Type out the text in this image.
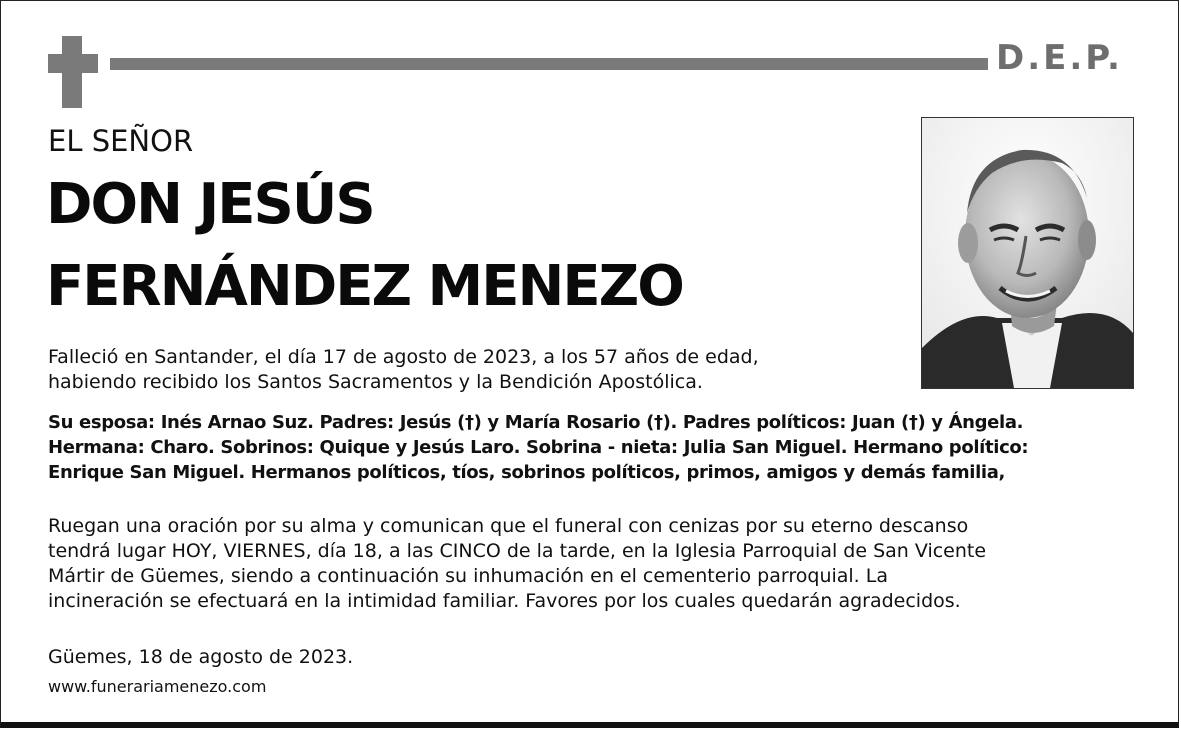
D.E.P.
EL SEÑOR
DON JESÚS
FERNÁNDEZ MENEZO
Falleció en Santander, el día 17 de agosto de 2023, a los 57 años de edad,
habiendo recibido los Santos Sacramentos y la Bendición Apostólica.
Su esposa: Inés Arnao Suz. Padres: Jesús (†) y María Rosario (†). Padres políticos: Juan (†) y Ángela.
Hermana: Charo. Sobrinos: Quique y Jesús Laro. Sobrina - nieta: Julia San Miguel. Hermano político:
Enrique San Miguel. Hermanos políticos, tíos, sobrinos políticos, primos, amigos y demás familia,
Ruegan una oración por su alma y comunican que el funeral con cenizas por su eterno descanso
tendrá lugar HOY, VIERNES, día 18, a las CINCO de la tarde, en la Iglesia Parroquial de San Vicente
Mártir de Güemes, siendo a continuación su inhumación en el cementerio parroquial. La
incineración se efectuará en la intimidad familiar. Favores por los cuales quedarán agradecidos.
Güemes, 18 de agosto de 2023.
www.funerariamenezo.com
